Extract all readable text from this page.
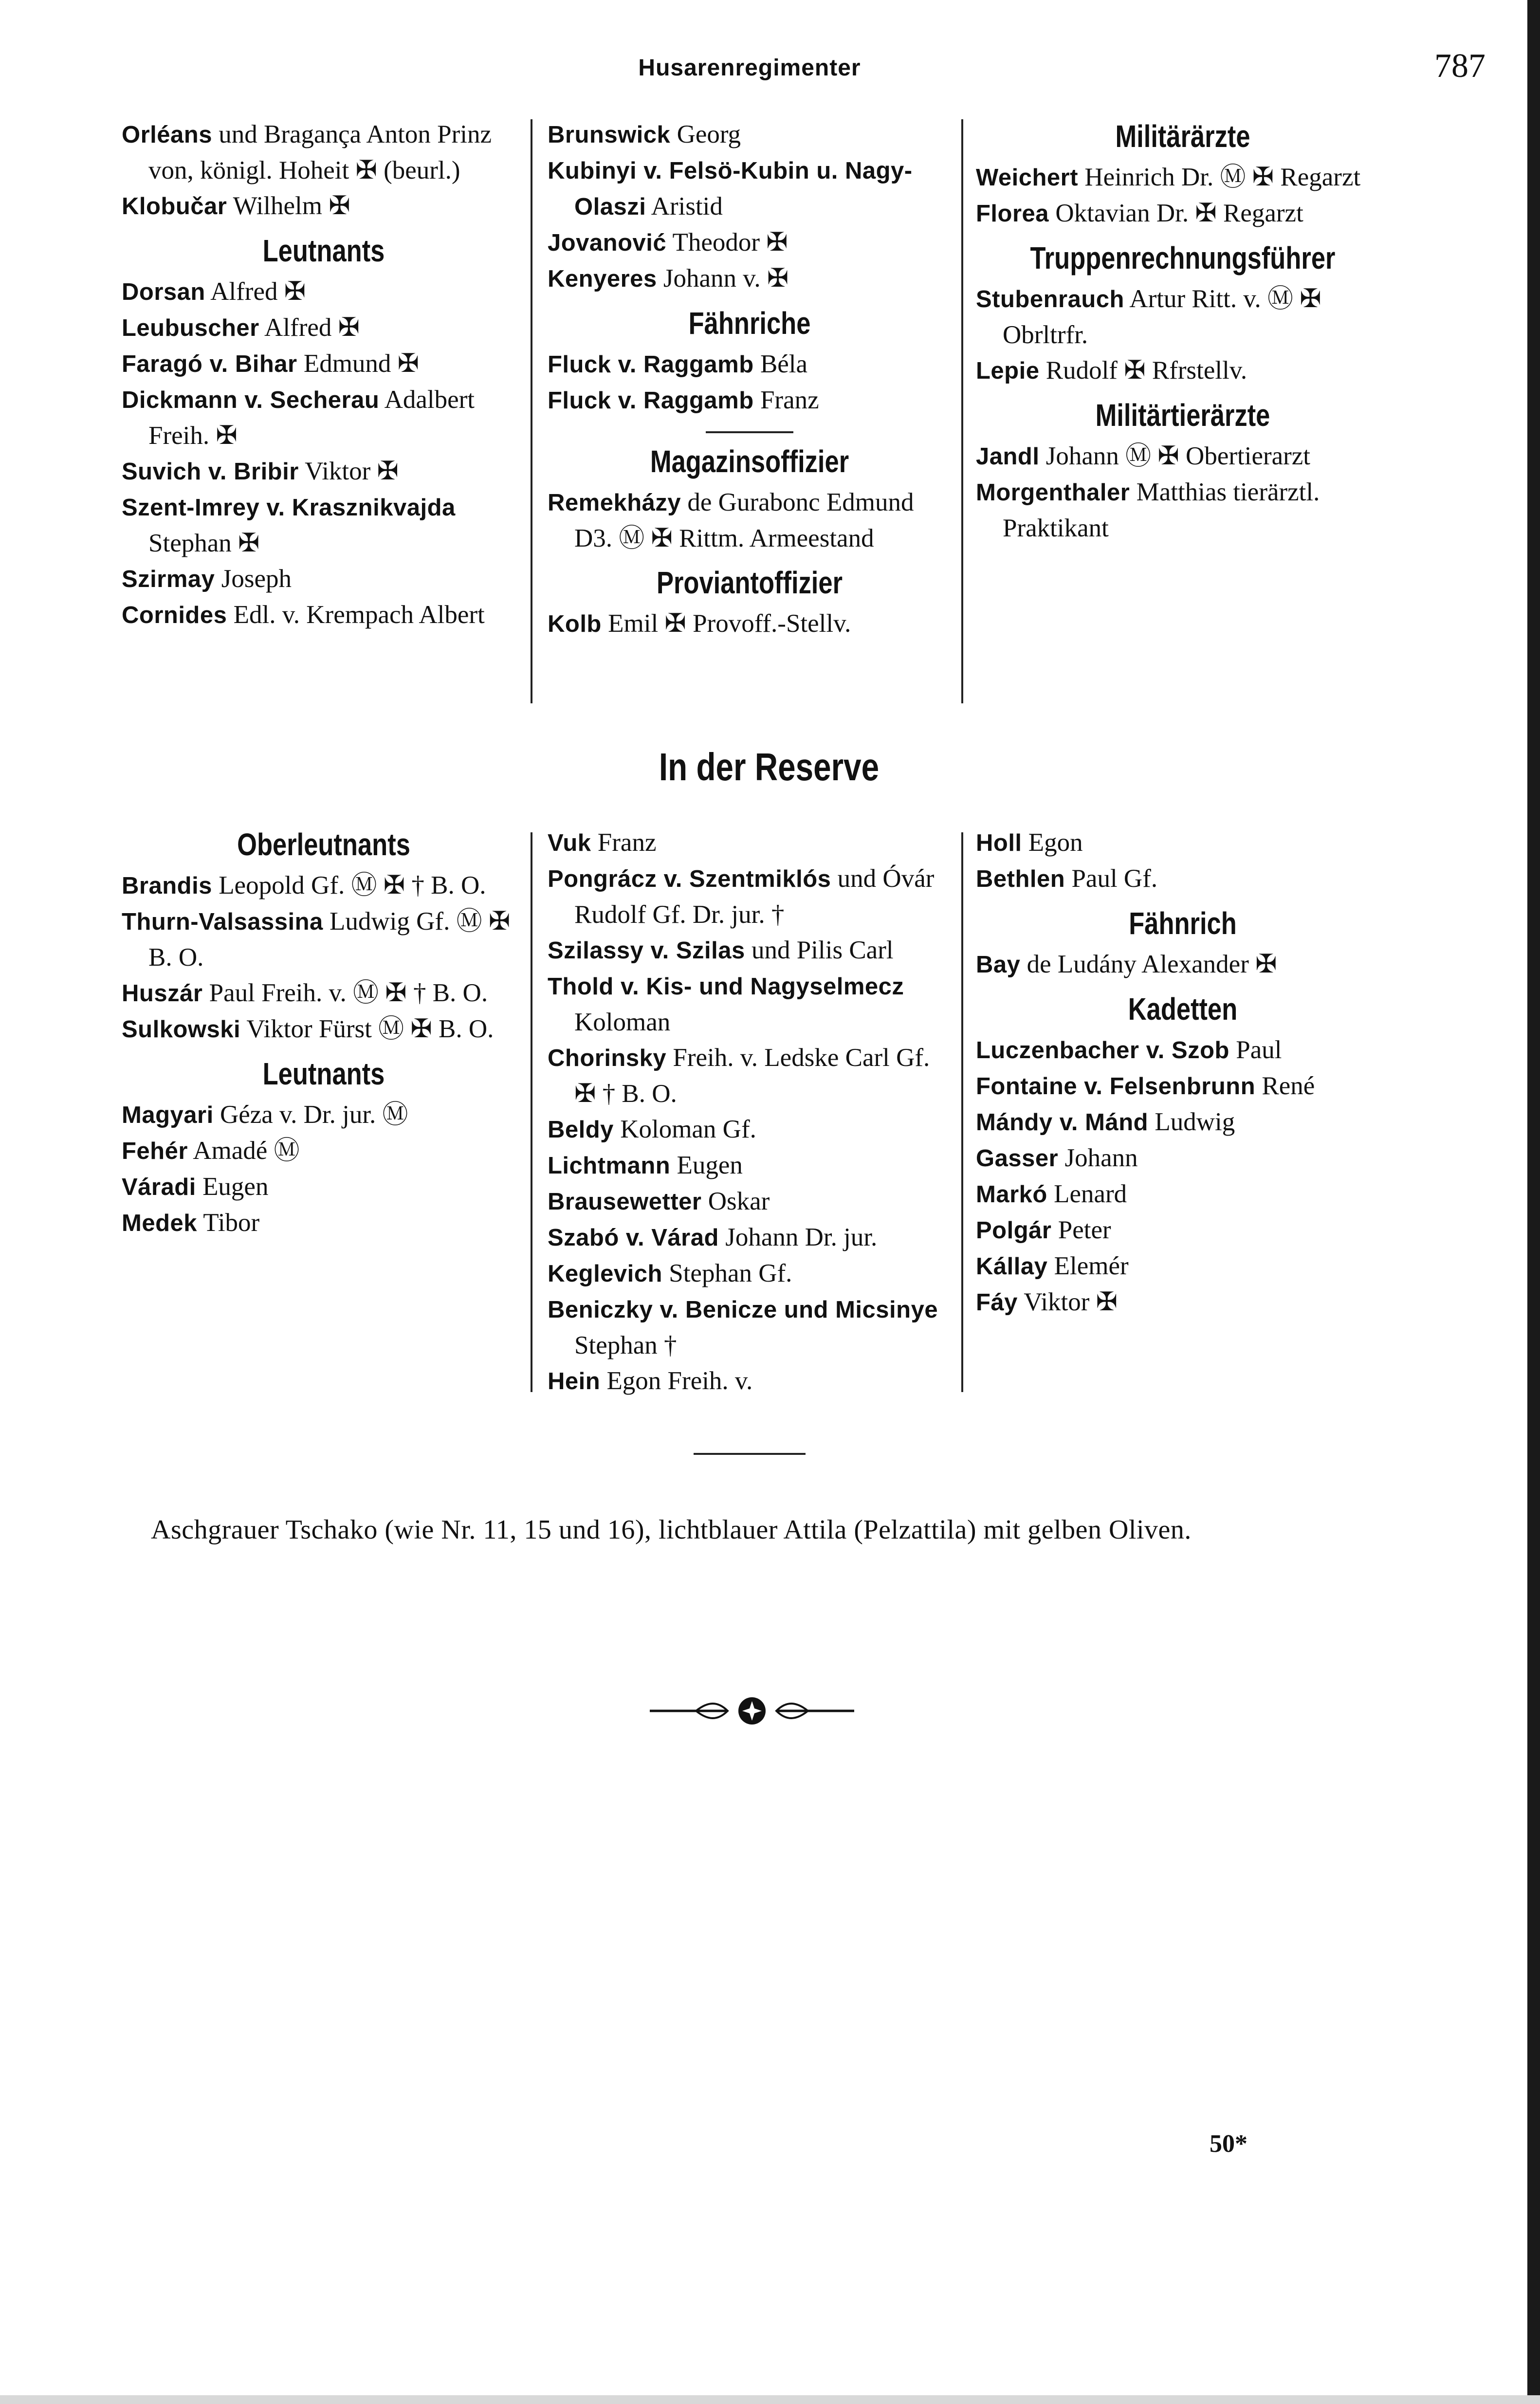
Husarenregimenter	787
Orléans und Bragança Anton Prinz von, königl. Hoheit ✠ (beurl.)
Klobučar Wilhelm ✠
Leutnants
Dorsan Alfred ✠
Leubuscher Alfred ✠
Faragó v. Bihar Edmund ✠
Dickmann v. Secherau Adalbert Freih. ✠
Suvich v. Bribir Viktor ✠
Szent-Imrey v. Krasznikvajda Stephan ✠
Szirmay Joseph
Cornides Edl. v. Krempach Albert
Brunswick Georg
Kubinyi v. Felsö-Kubin u. Nagy-Olaszi Aristid
Jovanović Theodor ✠
Kenyeres Johann v. ✠
Fähnriche
Fluck v. Raggamb Béla
Fluck v. Raggamb Franz
Magazinsoffizier
Remekházy de Gurabonc Edmund D3. Ⓜ ✠ Rittm. Armeestand
Proviantoffizier
Kolb Emil ✠ Provoff.-Stellv.
Militärärzte
Weichert Heinrich Dr. Ⓜ ✠ Regarzt
Florea Oktavian Dr. ✠ Regarzt
Truppenrechnungsführer
Stubenrauch Artur Ritt. v. Ⓜ ✠ Obrltrfr.
Lepie Rudolf ✠ Rfrstellv.
Militärtierärzte
Jandl Johann Ⓜ ✠ Obertierarzt
Morgenthaler Matthias tierärztl. Praktikant
In der Reserve
Oberleutnants
Brandis Leopold Gf. Ⓜ ✠ † B. O.
Thurn-Valsassina Ludwig Gf. Ⓜ ✠ B. O.
Huszár Paul Freih. v. Ⓜ ✠ † B. O.
Sulkowski Viktor Fürst Ⓜ ✠ B. O.
Leutnants
Magyari Géza v. Dr. jur. Ⓜ
Fehér Amadé Ⓜ
Váradi Eugen
Medek Tibor
Vuk Franz
Pongrácz v. Szentmiklós und Óvár Rudolf Gf. Dr. jur. †
Szilassy v. Szilas und Pilis Carl
Thold v. Kis- und Nagyselmecz Koloman
Chorinsky Freih. v. Ledske Carl Gf. ✠ † B. O.
Beldy Koloman Gf.
Lichtmann Eugen
Brausewetter Oskar
Szabó v. Várad Johann Dr. jur.
Keglevich Stephan Gf.
Beniczky v. Benicze und Micsinye Stephan †
Hein Egon Freih. v.
Holl Egon
Bethlen Paul Gf.
Fähnrich
Bay de Ludány Alexander ✠
Kadetten
Luczenbacher v. Szob Paul
Fontaine v. Felsenbrunn René
Mándy v. Mánd Ludwig
Gasser Johann
Markó Lenard
Polgár Peter
Kállay Elemér
Fáy Viktor ✠
Aschgrauer Tschako (wie Nr. 11, 15 und 16), lichtblauer Attila (Pelzattila) mit gelben Oliven.
50*
